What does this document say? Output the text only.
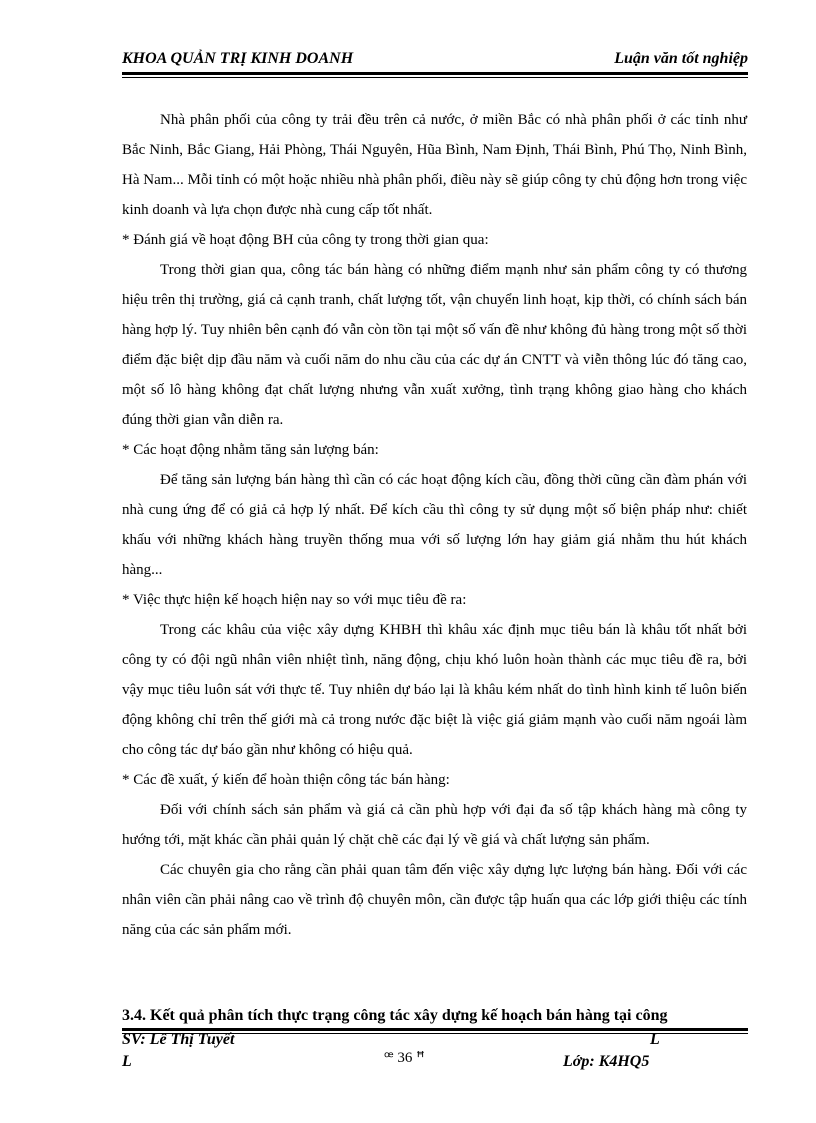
KHOA QUẢN TRỊ KINH DOANH	Luận văn tốt nghiệp

Nhà phân phối của công ty trải đều trên cả nước, ở miền Bắc có nhà phân phối ở các tỉnh như Bắc Ninh, Bắc Giang, Hải Phòng, Thái Nguyên, Hũa Bình, Nam Định, Thái Bình, Phú Thọ, Ninh Bình, Hà Nam... Mỗi tỉnh có một hoặc nhiều nhà phân phối, điều này sẽ giúp công ty chủ động hơn trong việc kinh doanh và lựa chọn được nhà cung cấp tốt nhất.

* Đánh giá về hoạt động BH của công ty trong thời gian qua:

Trong thời gian qua, công tác bán hàng có những điểm mạnh như sản phẩm công ty có thương hiệu trên thị trường, giá cả cạnh tranh, chất lượng tốt, vận chuyển linh hoạt, kịp thời, có chính sách bán hàng hợp lý. Tuy nhiên bên cạnh đó vẫn còn tồn tại một số vấn đề như không đủ hàng trong một số thời điểm đặc biệt dịp đầu năm và cuối năm do nhu cầu của các dự án CNTT và viễn thông lúc đó tăng cao, một số lô hàng không đạt chất lượng nhưng vẫn xuất xưởng, tình trạng không giao hàng cho khách đúng thời gian vẫn diễn ra.

* Các hoạt động nhằm tăng sản lượng bán:

Để tăng sản lượng bán hàng thì cần có các hoạt động kích cầu, đồng thời cũng cần đàm phán với nhà cung ứng để có giả cả hợp lý nhất. Để kích cầu thì công ty sử dụng một số biện pháp như: chiết khấu với những khách hàng truyền thống mua với số lượng lớn hay giảm giá nhằm thu hút khách hàng...

* Việc thực hiện kế hoạch hiện nay so với mục tiêu đề ra:

Trong các khâu của việc xây dựng KHBH thì khâu xác định mục tiêu bán là khâu tốt nhất bởi công ty có đội ngũ nhân viên nhiệt tình, năng động, chịu khó luôn hoàn thành các mục tiêu đề ra, bởi vậy mục tiêu luôn sát với thực tế. Tuy nhiên dự báo lại là khâu kém nhất do tình hình kinh tế luôn biến động không chỉ trên thế giới mà cả trong nước đặc biệt là việc giá giảm mạnh vào cuối năm ngoái làm cho công tác dự báo gần như không có hiệu quả.

* Các đề xuất, ý kiến để hoàn thiện công tác bán hàng:

Đối với chính sách sản phẩm và giá cả cần phù hợp với đại đa số tập khách hàng mà công ty hướng tới, mặt khác cần phải quản lý chặt chẽ các đại lý về giá và chất lượng sản phẩm.

Các chuyên gia cho rằng cần phải quan tâm đến việc xây dựng lực lượng bán hàng. Đối với các nhân viên cần phải nâng cao về trình độ chuyên môn, cần được tập huấn qua các lớp giới thiệu các tính năng của các sản phẩm mới.

3.4. Kết quả phân tích thực trạng công tác xây dựng kế hoạch bán hàng tại công
SV: Lê Thị Tuyết
L
L
ꟹ 36 ꟸ	Lớp: K4HQ5
